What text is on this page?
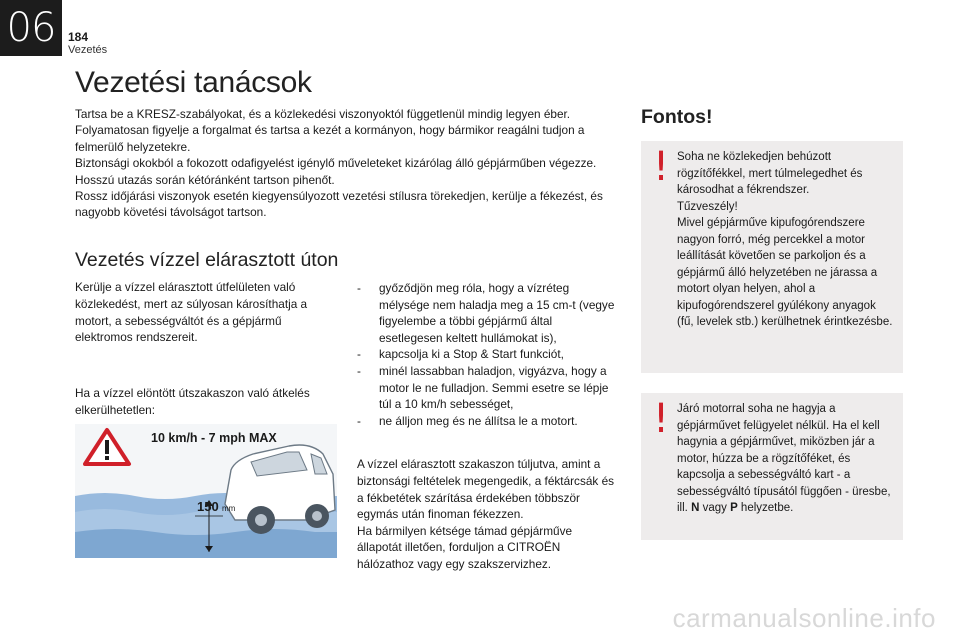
06	184
Vezetés
Vezetési tanácsok

Tartsa be a KRESZ-szabályokat, és a közlekedési viszonyoktól függetlenül mindig legyen éber.

Folyamatosan figyelje a forgalmat és tartsa a kezét a kormányon, hogy bármikor reagálni tudjon a felmerülő helyzetekre.

Biztonsági okokból a fokozott odafigyelést igénylő műveleteket kizárólag álló gépjárműben végezze.

Hosszú utazás során kétóránként tartson pihenőt.

Rossz időjárási viszonyok esetén kiegyensúlyozott vezetési stílusra törekedjen, kerülje a fékezést, és nagyobb követési távolságot tartson.

Vezetés vízzel elárasztott úton

Kerülje a vízzel elárasztott útfelületen való közlekedést, mert az súlyosan károsíthatja a motort, a sebességváltót és a gépjármű elektromos rendszereit.

Ha a vízzel elöntött útszakaszon való átkelés elkerülhetetlen:

10 km/h - 7 mph MAX
150 mm
- győződjön meg róla, hogy a vízréteg mélysége nem haladja meg a 15 cm-t (vegye figyelembe a többi gépjármű által esetlegesen keltett hullámokat is),
- kapcsolja ki a Stop & Start funkciót,
- minél lassabban haladjon, vigyázva, hogy a motor le ne fulladjon. Semmi esetre se lépje túl a 10 km/h sebességet,
- ne álljon meg és ne állítsa le a motort.

A vízzel elárasztott szakaszon túljutva, amint a biztonsági feltételek megengedik, a féktárcsák és a fékbetétek szárítása érdekében többször egymás után finoman fékezzen.

Ha bármilyen kétsége támad gépjárműve állapotát illetően, forduljon a CITROËN hálózathoz vagy egy szakszervizhez.

Fontos!
! Soha ne közlekedjen behúzott rögzítőfékkel, mert túlmelegedhet és károsodhat a fékrendszer.
Tűzveszély!
Mivel gépjárműve kipufogórendszere nagyon forró, még percekkel a motor leállítását követően se parkoljon és a gépjármű álló helyzetében ne járassa a motort olyan helyen, ahol a kipufogórendszerel gyúlékony anyagok (fű, levelek stb.) kerülhetnek érintkezésbe.
! Járó motorral soha ne hagyja a gépjárművet felügyelet nélkül. Ha el kell hagynia a gépjárművet, miközben jár a motor, húzza be a rögzítőféket, és kapcsolja a sebességváltó kart - a sebességváltó típusától függően - üresbe, ill. N vagy P helyzetbe.
carmanualsonline.info
